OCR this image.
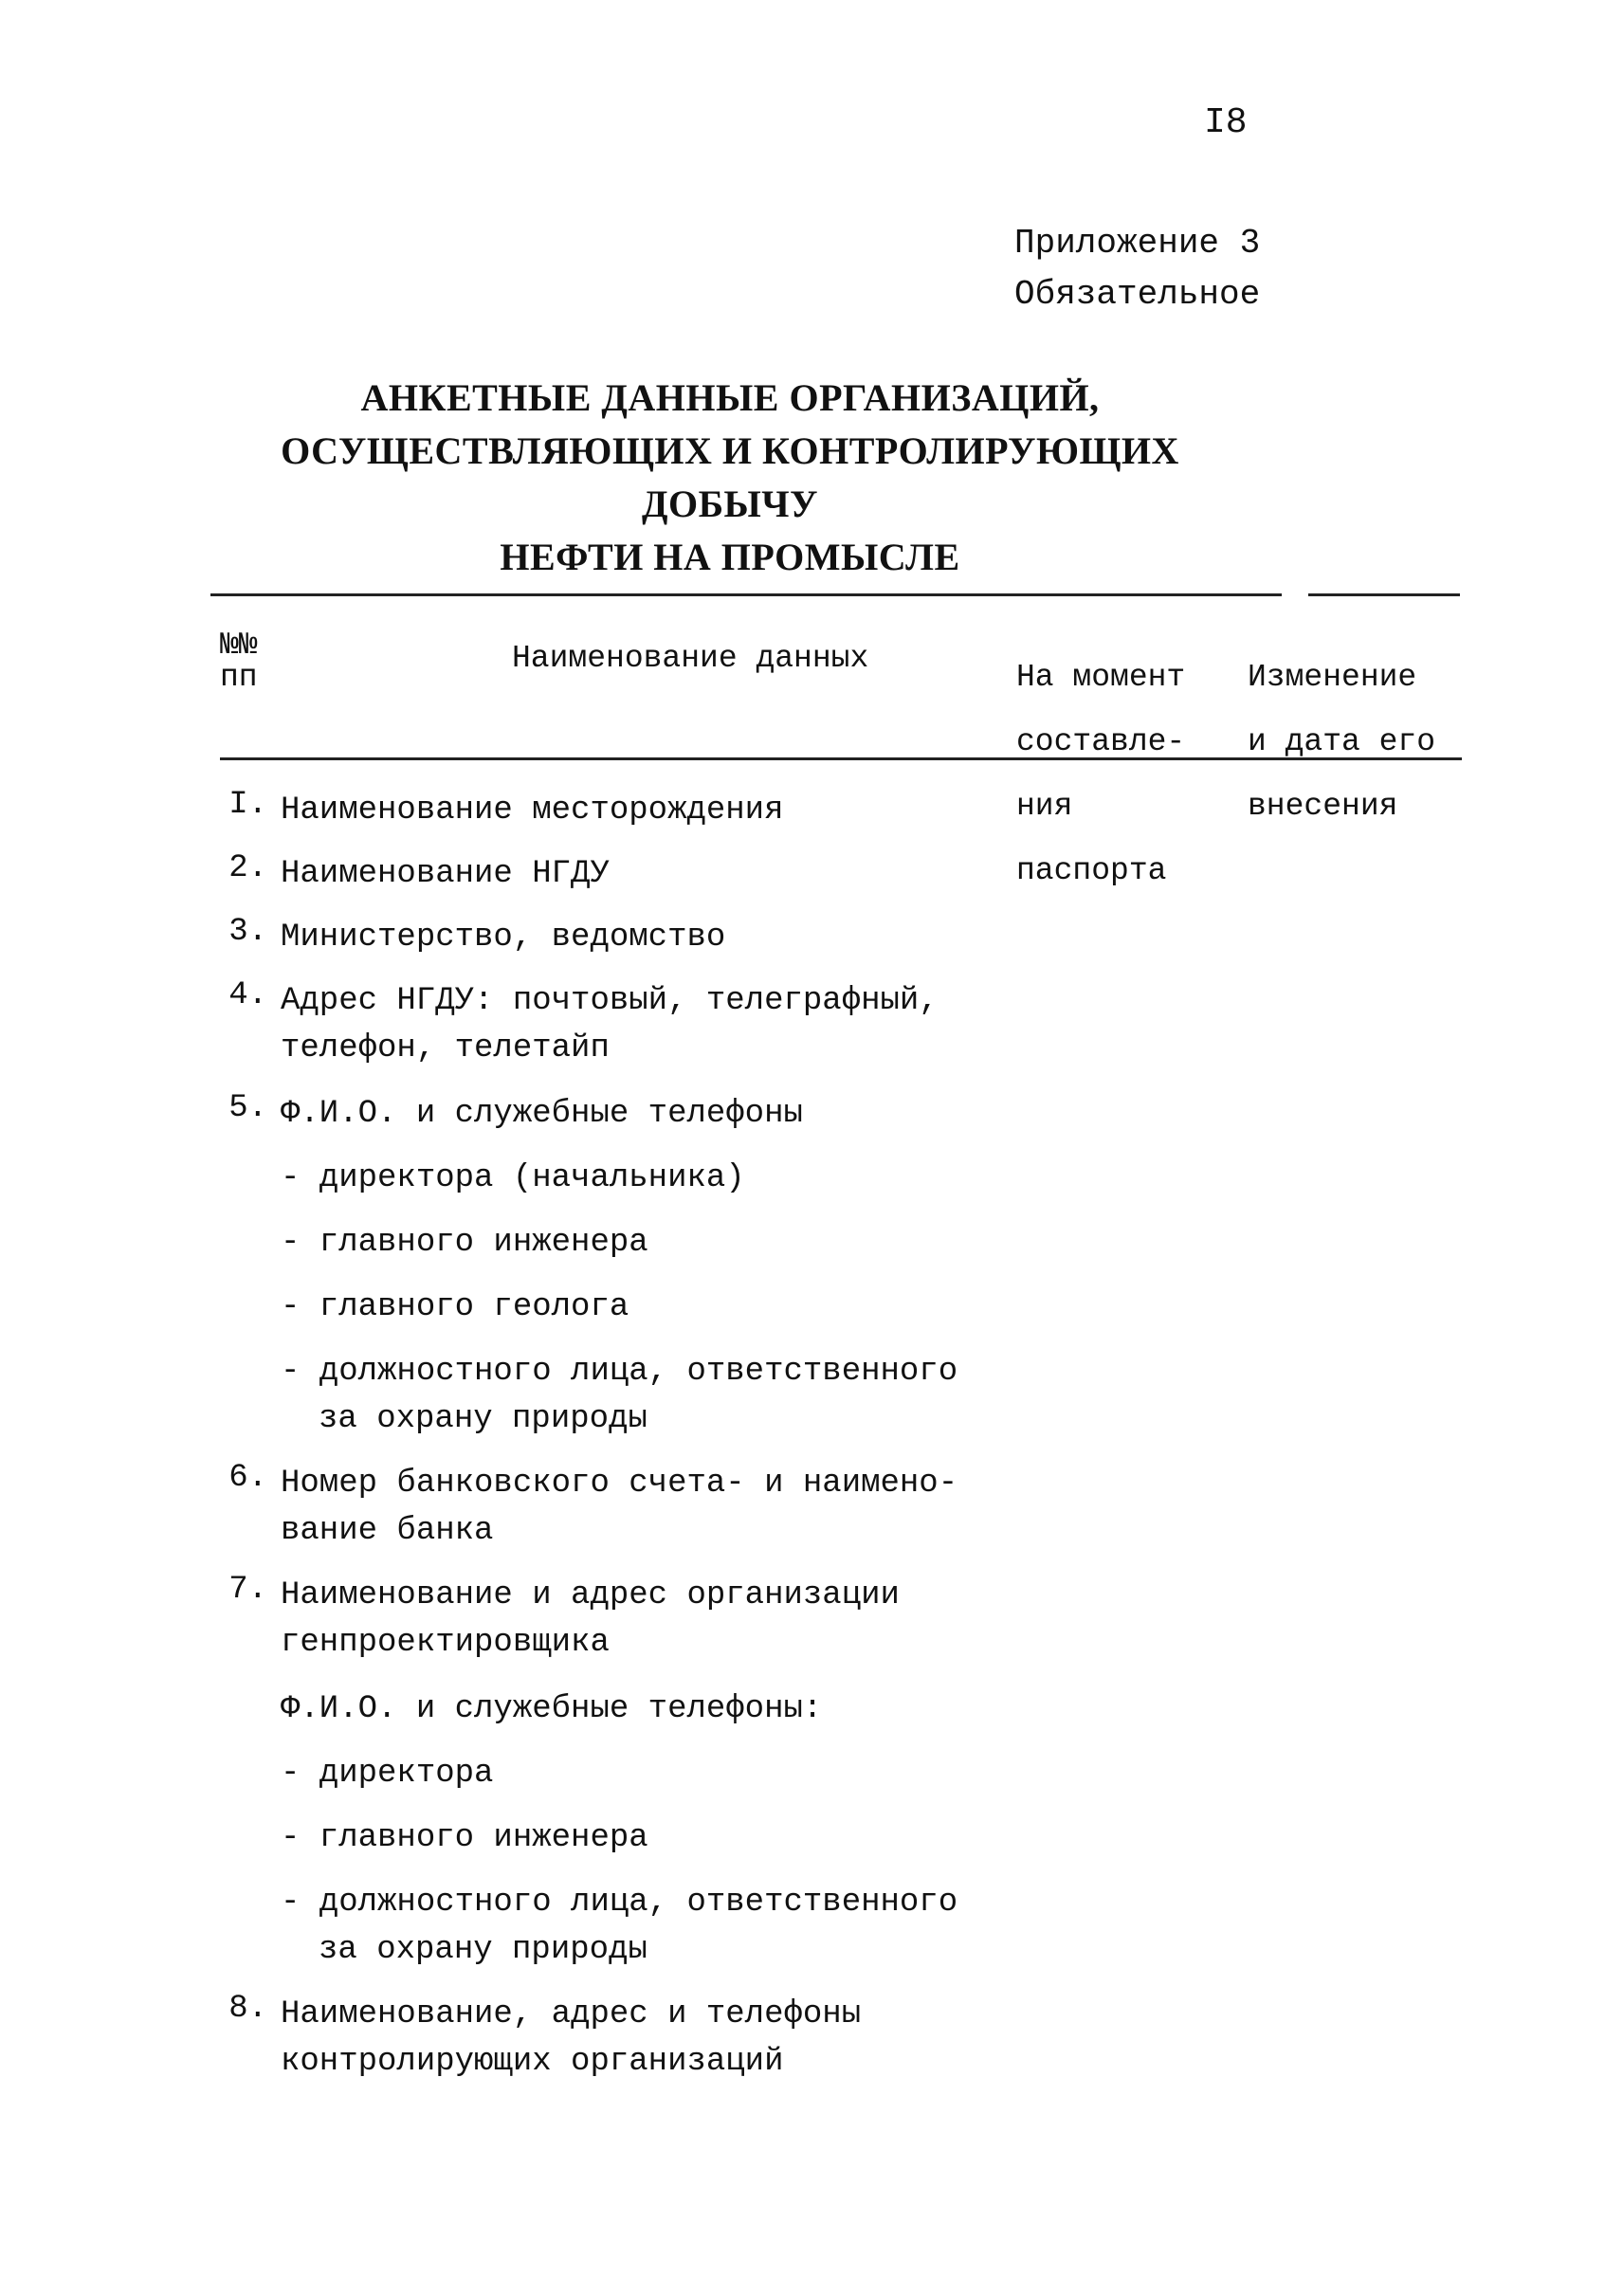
I8
Приложение 3
Обязательное
АНКЕТНЫЕ ДАННЫЕ ОРГАНИЗАЦИЙ,
ОСУЩЕСТВЛЯЮЩИХ И КОНТРОЛИРУЮЩИХ ДОБЫЧУ
НЕФТИ НА ПРОМЫСЛЕ
№№
пп
Наименование данных

На момент

составле-

ния

паспорта

Изменение

и дата его

внесения

I. Наименование месторождения
2. Наименование НГДУ
3. Министерство, ведомство
4. Адрес НГДУ: почтовый, телеграфный,
телефон, телетайп
5. Ф.И.О. и служебные телефоны
- директора (начальника)
- главного инженера
- главного геолога
- должностного лица, ответственного
за охрану природы
6. Номер банковского счета- и наимено-
вание банка
7. Наименование и адрес организации
генпроектировщика
Ф.И.О. и служебные телефоны:
- директора
- главного инженера
- должностного лица, ответственного
за охрану природы
8. Наименование, адрес и телефоны
контролирующих организаций
